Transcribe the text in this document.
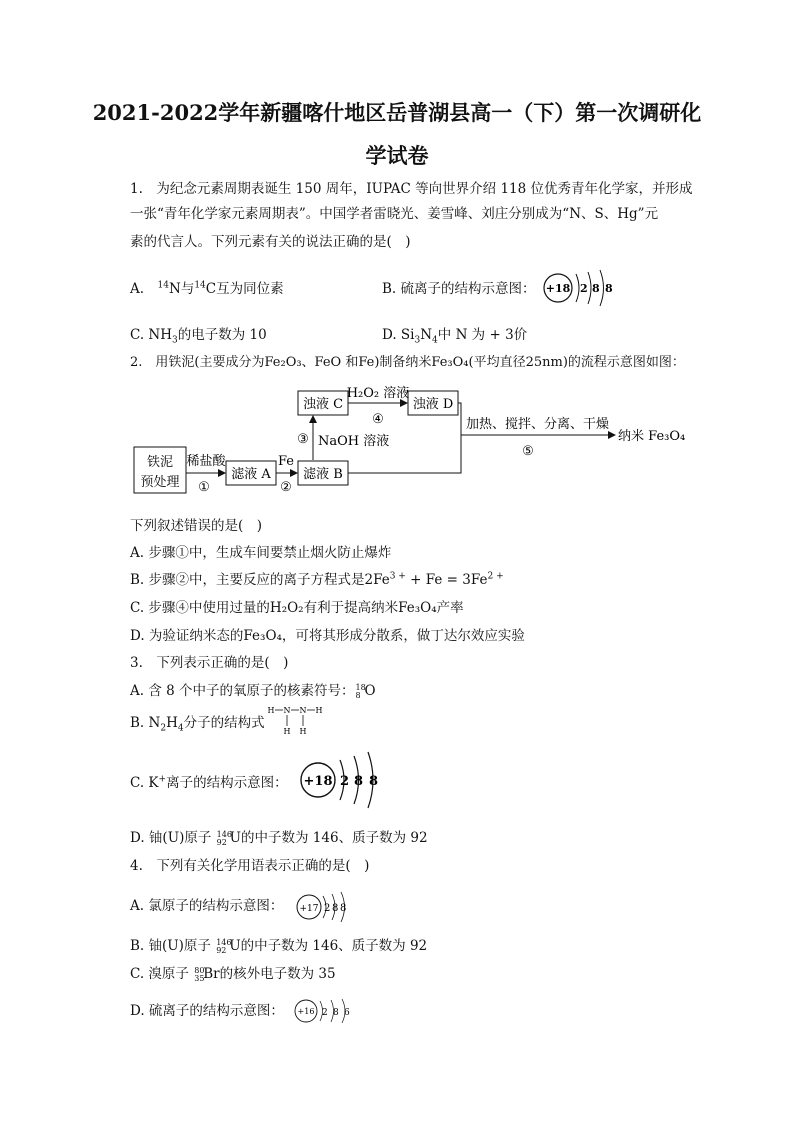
2021-2022学年新疆喀什地区岳普湖县高一（下）第一次调研化
学试卷
1.　为纪念元素周期表诞生 150 周年，IUPAC 等向世界介绍 118 位优秀青年化学家，并形成
一张“青年化学家元素周期表”。中国学者雷晓光、姜雪峰、刘庄分别成为“N、S、Hg”元
素的代言人。下列元素有关的说法正确的是(　)
A.　$^{14}$N与$^{14}$C互为同位素	B. 硫离子的结构示意图： +18 2 8 8
C. $NH_3$的电子数为 10	D. $Si_3N_4$中 N 为 + 3价
2.　用铁泥(主要成分为Fe₂O₃、FeO 和Fe)制备纳米Fe₃O₄(平均直径25nm)的流程示意图如图：
铁泥
预处理
滤液 A 滤液 B
浊液 C	浊液 D
稀盐酸
①
Fe
②
③ NaOH 溶液
H₂O₂ 溶液
④	加热、搅拌、分离、干燥
⑤
纳米 Fe₃O₄
下列叙述错误的是(　)
A. 步骤①中，生成车间要禁止烟火防止爆炸
B. 步骤②中，主要反应的离子方程式是$2Fe^{3 +} + Fe = 3Fe^{2 +}$
C. 步骤④中使用过量的H₂O₂有利于提高纳米Fe₃O₄产率
D. 为验证纳米态的Fe₃O₄，可将其形成分散系，做丁达尔效应实验
3.　下列表示正确的是(　)
A. 含 8 个中子的氧原子的核素符号： 18
8 O
B. $N_2H_4$分子的结构式
H N N H
H H
C. K+离子的结构示意图： +18 2 8 8
D. 铀(U)原子 146
92 U的中子数为 146、质子数为 92
4.　下列有关化学用语表示正确的是(　)
A. 氯原子的结构示意图： +17 2 8 8
B. 铀(U)原子 146
92 U的中子数为 146、质子数为 92
C. 溴原子 80
35
Br的核外电子数为 35
D. 硫离子的结构示意图： +16 2 8 6
